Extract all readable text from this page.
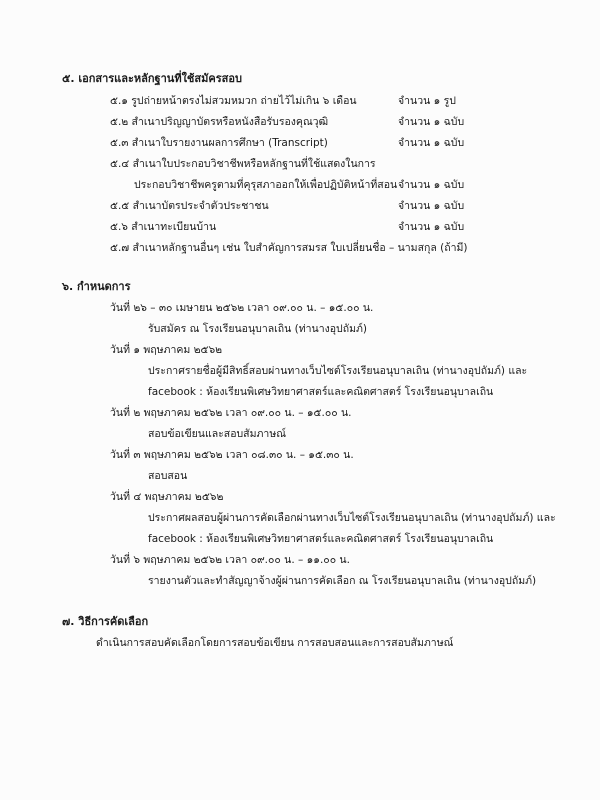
๕. เอกสารและหลักฐานที่ใช้สมัครสอบ
๕.๑ รูปถ่ายหน้าตรงไม่สวมหมวก ถ่ายไว้ไม่เกิน ๖ เดือน	จำนวน ๑ รูป
๕.๒ สำเนาปริญญาบัตรหรือหนังสือรับรองคุณวุฒิ	จำนวน ๑ ฉบับ
๕.๓ สำเนาใบรายงานผลการศึกษา (Transcript)	จำนวน ๑ ฉบับ
๕.๔ สำเนาใบประกอบวิชาชีพหรือหลักฐานที่ใช้แสดงในการ
ประกอบวิชาชีพครูตามที่คุรุสภาออกให้เพื่อปฏิบัติหน้าที่สอน จำนวน ๑ ฉบับ
๕.๕ สำเนาบัตรประจำตัวประชาชน	จำนวน ๑ ฉบับ
๕.๖ สำเนาทะเบียนบ้าน	จำนวน ๑ ฉบับ
๕.๗ สำเนาหลักฐานอื่นๆ เช่น ใบสำคัญการสมรส ใบเปลี่ยนชื่อ – นามสกุล (ถ้ามี)
๖. กำหนดการ
วันที่ ๒๖ – ๓๐ เมษายน ๒๕๖๒ เวลา ๐๙.๐๐ น. – ๑๕.๐๐ น.
รับสมัคร ณ โรงเรียนอนุบาลเถิน (ท่านางอุปถัมภ์)
วันที่ ๑ พฤษภาคม ๒๕๖๒
ประกาศรายชื่อผู้มีสิทธิ์สอบผ่านทางเว็บไซต์โรงเรียนอนุบาลเถิน (ท่านางอุปถัมภ์) และ
facebook : ห้องเรียนพิเศษวิทยาศาสตร์และคณิตศาสตร์ โรงเรียนอนุบาลเถิน
วันที่ ๒ พฤษภาคม ๒๕๖๒ เวลา ๐๙.๐๐ น. – ๑๕.๐๐ น.
สอบข้อเขียนและสอบสัมภาษณ์
วันที่ ๓ พฤษภาคม ๒๕๖๒ เวลา ๐๘.๓๐ น. – ๑๕.๓๐ น.
สอบสอน
วันที่ ๔ พฤษภาคม ๒๕๖๒
ประกาศผลสอบผู้ผ่านการคัดเลือกผ่านทางเว็บไซต์โรงเรียนอนุบาลเถิน (ท่านางอุปถัมภ์) และ
facebook : ห้องเรียนพิเศษวิทยาศาสตร์และคณิตศาสตร์ โรงเรียนอนุบาลเถิน
วันที่ ๖ พฤษภาคม ๒๕๖๒ เวลา ๐๙.๐๐ น. – ๑๑.๐๐ น.
รายงานตัวและทำสัญญาจ้างผู้ผ่านการคัดเลือก ณ โรงเรียนอนุบาลเถิน (ท่านางอุปถัมภ์)
๗. วิธีการคัดเลือก
ดำเนินการสอบคัดเลือกโดยการสอบข้อเขียน การสอบสอนและการสอบสัมภาษณ์
